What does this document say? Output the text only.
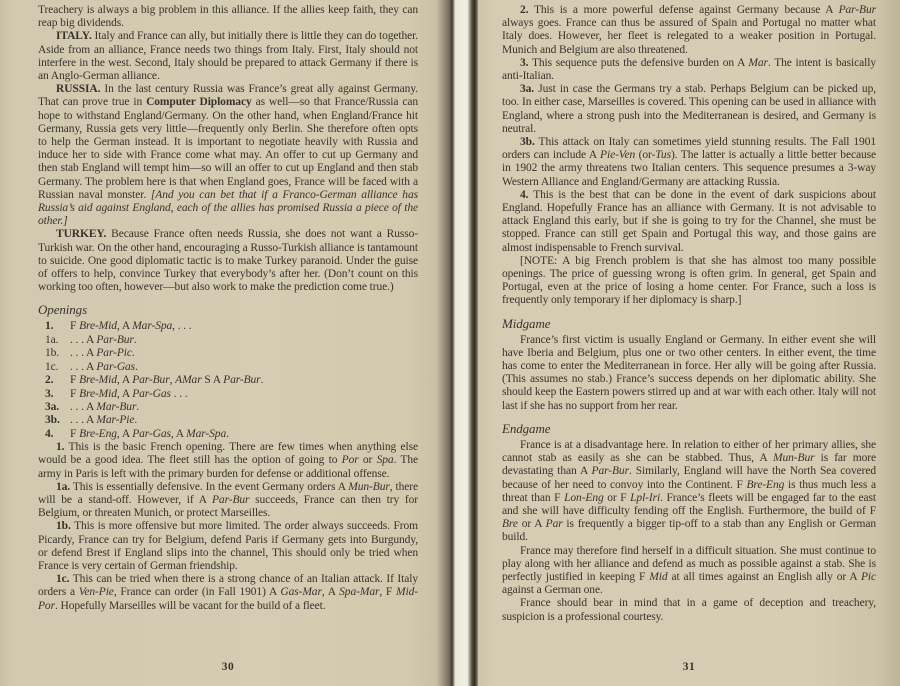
Treachery is always a big problem in this alliance. If the allies keep faith, they can reap big dividends.
ITALY. Italy and France can ally, but initially there is little they can do together. Aside from an alliance, France needs two things from Italy. First, Italy should not interfere in the west. Second, Italy should be prepared to attack Germany if there is an Anglo-German alliance.
RUSSIA. In the last century Russia was France’s great ally against Germany. That can prove true in Computer Diplomacy as well—so that France/Russia can hope to withstand England/Germany. On the other hand, when England/France hit Germany, Russia gets very little—frequently only Berlin. She therefore often opts to help the German instead. It is important to negotiate heavily with Russia and induce her to side with France come what may. An offer to cut up Germany and then stab England will tempt him—so will an offer to cut up England and then stab Germany. The problem here is that when England goes, France will be faced with a Russian naval monster. [And you can bet that if a Franco-German alliance has Russia’s aid against England, each of the allies has promised Russia a piece of the other.]
TURKEY. Because France often needs Russia, she does not want a Russo-Turkish war. On the other hand, encouraging a Russo-Turkish alliance is tantamount to suicide. One good diplomatic tactic is to make Turkey paranoid. Under the guise of offers to help, convince Turkey that everybody’s after her. (Don’t count on this working too often, however—but also work to make the prediction come true.)
Openings
1. F Bre-Mid, A Mar-Spa, . . .
1a. . . . A Par-Bur.
1b. . . . A Par-Pic.
1c. . . . A Par-Gas.
2. F Bre-Mid, A Par-Bur, AMar S A Par-Bur.
3. F Bre-Mid, A Par-Gas . . .
3a. . . . A Mar-Bur.
3b. . . . A Mar-Pie.
4. F Bre-Eng, A Par-Gas, A Mar-Spa.
1. This is the basic French opening. There are few times when anything else would be a good idea. The fleet still has the option of going to Por or Spa. The army in Paris is left with the primary burden for defense or additional offense.
1a. This is essentially defensive. In the event Germany orders A Mun-Bur, there will be a stand-off. However, if A Par-Bur succeeds, France can then try for Belgium, or threaten Munich, or protect Marseilles.
1b. This is more offensive but more limited. The order always succeeds. From Picardy, France can try for Belgium, defend Paris if Germany gets into Burgundy, or defend Brest if England slips into the channel, This should only be tried when France is very certain of German friendship.
1c. This can be tried when there is a strong chance of an Italian attack. If Italy orders a Ven-Pie, France can order (in Fall 1901) A Gas-Mar, A Spa-Mar, F Mid-Por. Hopefully Marseilles will be vacant for the build of a fleet.
2. This is a more powerful defense against Germany because A Par-Bur always goes. France can thus be assured of Spain and Portugal no matter what Italy does. However, her fleet is relegated to a weaker position in Portugal. Munich and Belgium are also threatened.
3. This sequence puts the defensive burden on A Mar. The intent is basically anti-Italian.
3a. Just in case the Germans try a stab. Perhaps Belgium can be picked up, too. In either case, Marseilles is covered. This opening can be used in alliance with England, where a strong push into the Mediterranean is desired, and Germany is neutral.
3b. This attack on Italy can sometimes yield stunning results. The Fall 1901 orders can include A Pie-Ven (or-Tus). The latter is actually a little better because in 1902 the army threatens two Italian centers. This sequence presumes a 3-way Western Alliance and England/Germany are attacking Russia.
4. This is the best that can be done in the event of dark suspicions about England. Hopefully France has an alliance with Germany. It is not advisable to attack England this early, but if she is going to try for the Channel, she must be stopped. France can still get Spain and Portugal this way, and those gains are almost indispensable to French survival.
[NOTE: A big French problem is that she has almost too many possible openings. The price of guessing wrong is often grim. In general, get Spain and Portugal, even at the price of losing a home center. For France, such a loss is frequently only temporary if her diplomacy is sharp.]
Midgame
France’s first victim is usually England or Germany. In either event she will have Iberia and Belgium, plus one or two other centers. In either event, the time has come to enter the Mediterranean in force. Her ally will be going after Russia. (This assumes no stab.) France’s success depends on her diplomatic ability. She should keep the Eastern powers stirred up and at war with each other. Italy will not last if she has no support from her rear.
Endgame
France is at a disadvantage here. In relation to either of her primary allies, she cannot stab as easily as she can be stabbed. Thus, A Mun-Bur is far more devastating than A Par-Bur. Similarly, England will have the North Sea covered because of her need to convoy into the Continent. F Bre-Eng is thus much less a threat than F Lon-Eng or F Lpl-Iri. France’s fleets will be engaged far to the east and she will have difficulty fending off the English. Furthermore, the build of F Bre or A Par is frequently a bigger tip-off to a stab than any English or German build.
France may therefore find herself in a difficult situation. She must continue to play along with her alliance and defend as much as possible against a stab. She is perfectly justified in keeping F Mid at all times against an English ally or A Pic against a German one.
France should bear in mind that in a game of deception and treachery, suspicion is a professional courtesy.
30	31
